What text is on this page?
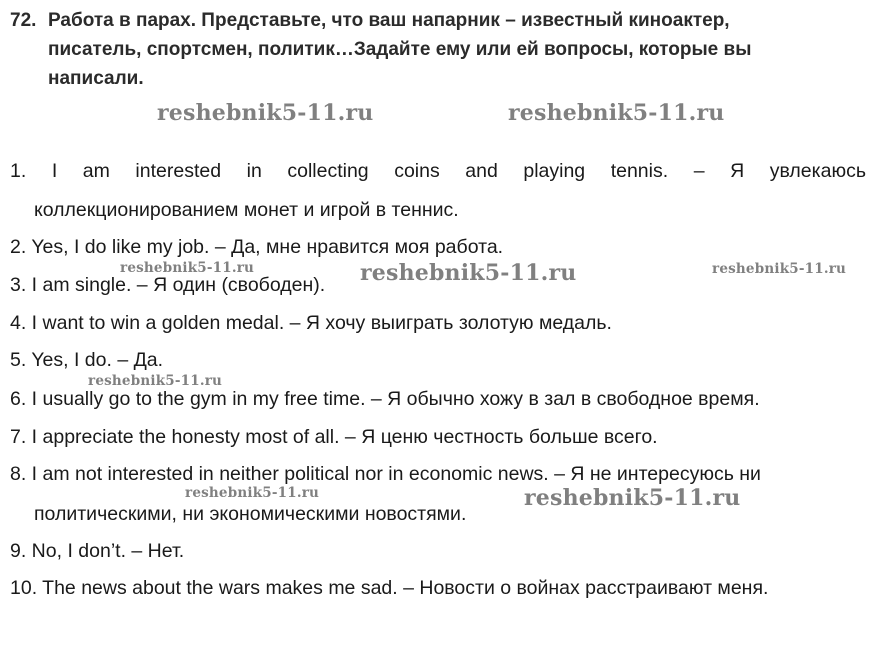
72. Работа в парах. Представьте, что ваш напарник – известный киноактер,
писатель, спортсмен, политик…Задайте ему или ей вопросы, которые вы
написали.
1. I am interested in collecting coins and playing tennis. – Я увлекаюсь
коллекционированием монет и игрой в теннис.
2. Yes, I do like my job. – Да, мне нравится моя работа.
3. I am single. – Я один (свободен).
4. I want to win a golden medal. – Я хочу выиграть золотую медаль.
5. Yes, I do. – Да.
6. I usually go to the gym in my free time. – Я обычно хожу в зал в свободное время.
7. I appreciate the honesty most of all. – Я ценю честность больше всего.
8. I am not interested in neither political nor in economic news. – Я не интересуюсь ни
политическими, ни экономическими новостями.
9. No, I don’t. – Нет.
10. The news about the wars makes me sad. – Новости о войнах расстраивают меня.
reshebnik5-11.ru	reshebnik5-11.ru
reshebnik5-11.ru	reshebnik5-11.ru	reshebnik5-11.ru
reshebnik5-11.ru
reshebnik5-11.ru	reshebnik5-11.ru
